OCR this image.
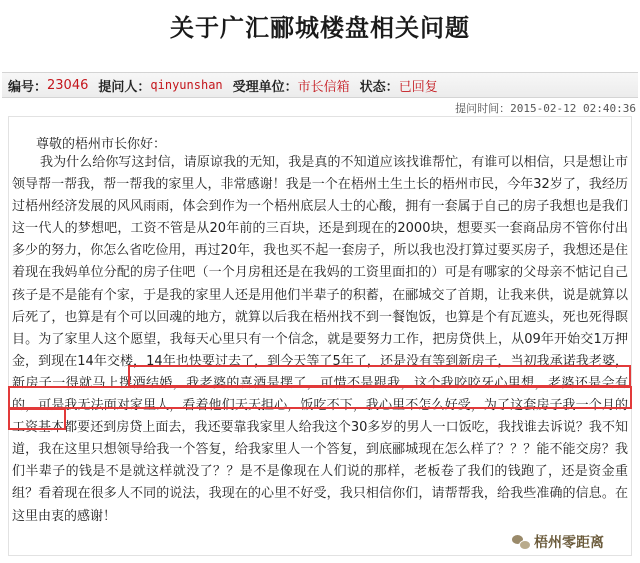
关于广汇郦城楼盘相关问题
编号： 23046 提问人： qinyunshan 受理单位： 市长信箱 状态： 已回复
提问时间：2015-02-12 02:40:36
尊敬的梧州市长你好：
我为什么给你写这封信，请原谅我的无知，我是真的不知道应该找谁帮忙，有谁可以相信，只是想让市领导帮一帮我，帮一帮我的家里人，非常感谢！我是一个在梧州土生土长的梧州市民，今年32岁了，我经历过梧州经济发展的风风雨雨，体会到作为一个梧州底层人士的心酸，拥有一套属于自己的房子我想也是我们这一代人的梦想吧，工资不管是从20年前的三百块，还是到现在的2000块，想要买一套商品房不管你付出多少的努力，你怎么省吃俭用，再过20年，我也买不起一套房子，所以我也没打算过要买房子，我想还是住着现在我妈单位分配的房子住吧（一个月房租还是在我妈的工资里面扣的）可是有哪家的父母亲不惦记自己孩子是不是能有个家，于是我的家里人还是用他们半辈子的积蓄，在郦城交了首期，让我来供，说是就算以后死了，也算是有个可以回魂的地方，就算以后我在梧州找不到一餐饱饭，也算是个有瓦遮头，死也死得瞑目。为了家里人这个愿望，我每天心里只有一个信念，就是要努力工作，把房贷供上，从09年开始交1万押金，到现在14年交楼，14年也快要过去了，到今天等了5年了，还是没有等到新房子，当初我承诺我老婆，新房子一得就马上摆酒结婚，我老婆的喜酒是摆了，可惜不是跟我，这个我咬咬牙心里想，老婆还是会有的，可是我无法面对家里人，看着他们天天担心，饭吃不下，我心里不怎么好受，为了这套房子我一个月的工资基本都要还到房贷上面去，我还要靠我家里人给我这个30多岁的男人一口饭吃，我找谁去诉说？我不知道，我在这里只想领导给我一个答复，给我家里人一个答复，到底郦城现在怎么样了？？？能不能交房？我们半辈子的钱是不是就这样就没了？？是不是像现在人们说的那样，老板卷了我们的钱跑了，还是资金重组？看着现在很多人不同的说法，我现在的心里不好受，我只相信你们，请帮帮我，给我些准确的信息。在这里由衷的感谢！
梧州零距离
